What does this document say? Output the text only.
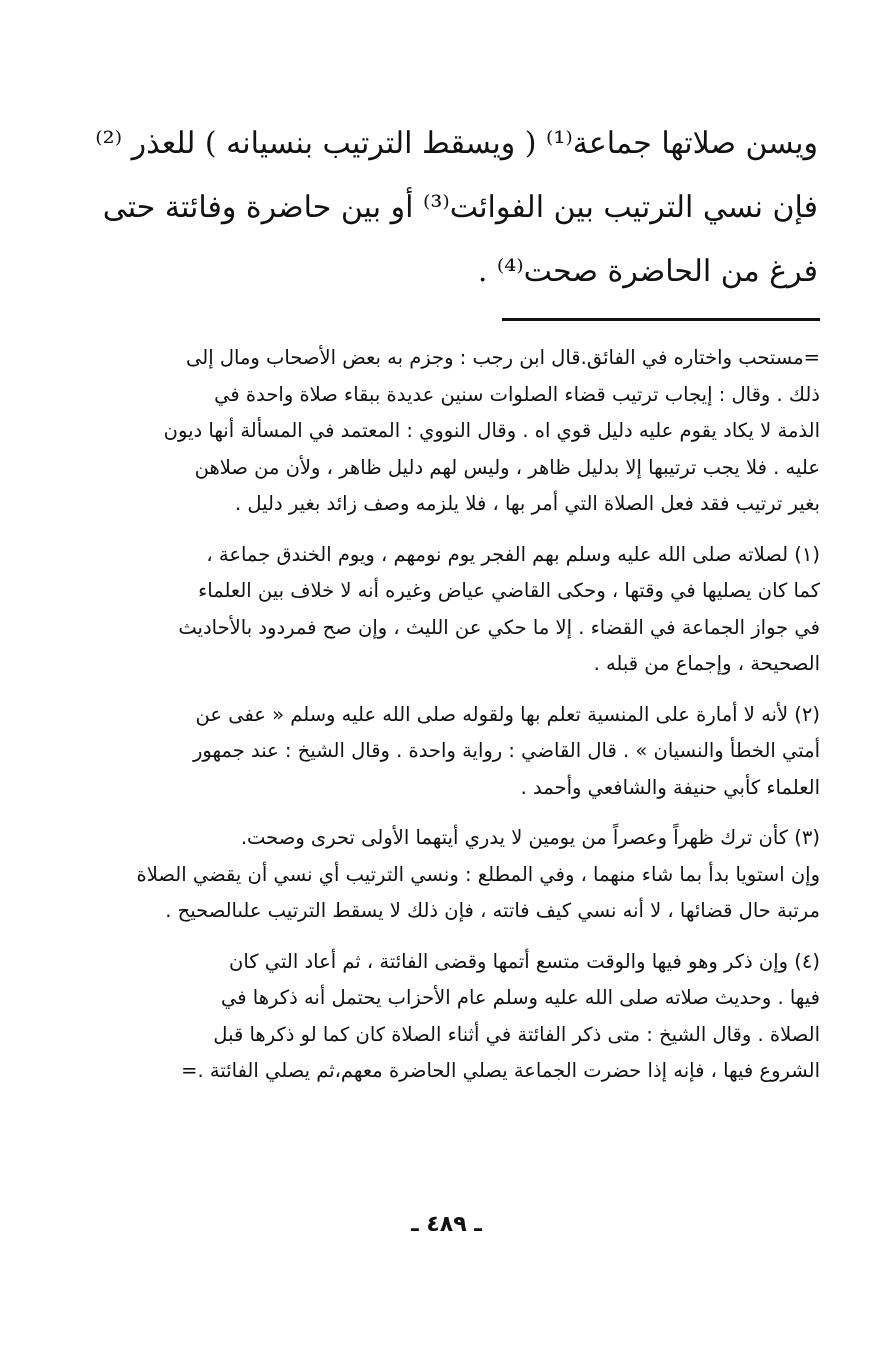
ويسن صلاتها جماعة⁽¹⁾ ( ويسقط الترتيب بنسيانه ) للعذر ⁽²⁾
فإن نسي الترتيب بين الفوائت⁽³⁾ أو بين حاضرة وفائتة حتى
فرغ من الحاضرة صحت⁽⁴⁾ .
=مستحب واختاره في الفائق.قال ابن رجب : وجزم به بعض الأصحاب ومال إلى
ذلك . وقال : إيجاب ترتيب قضاء الصلوات سنين عديدة ببقاء صلاة واحدة في
الذمة لا يكاد يقوم عليه دليل قوي اه . وقال النووي : المعتمد في المسألة أنها ديون
عليه . فلا يجب ترتيبها إلا بدليل ظاهر ، وليس لهم دليل ظاهر ، ولأن من صلاهن
بغير ترتيب فقد فعل الصلاة التي أمر بها ، فلا يلزمه وصف زائد بغير دليل .
(١) لصلاته صلى الله عليه وسلم بهم الفجر يوم نومهم ، ويوم الخندق جماعة ،
كما كان يصليها في وقتها ، وحكى القاضي عياض وغيره أنه لا خلاف بين العلماء
في جواز الجماعة في القضاء . إلا ما حكي عن الليث ، وإن صح فمردود بالأحاديث
الصحيحة ، وإجماع من قبله .
(٢) لأنه لا أمارة على المنسية تعلم بها ولقوله صلى الله عليه وسلم « عفى عن
أمتي الخطأ والنسيان » . قال القاضي : رواية واحدة . وقال الشيخ : عند جمهور
العلماء كأبي حنيفة والشافعي وأحمد .
(٣) كأن ترك ظهراً وعصراً من يومين لا يدري أيتهما الأولى تحرى وصحت.
وإن استويا بدأ بما شاء منهما ، وفي المطلع : ونسي الترتيب أي نسي أن يقضي الصلاة
مرتبة حال قضائها ، لا أنه نسي كيف فاتته ، فإن ذلك لا يسقط الترتيب علىالصحيح .
(٤) وإن ذكر وهو فيها والوقت متسع أتمها وقضى الفائتة ، ثم أعاد التي كان
فيها . وحديث صلاته صلى الله عليه وسلم عام الأحزاب يحتمل أنه ذكرها في
الصلاة . وقال الشيخ : متى ذكر الفائتة في أثناء الصلاة كان كما لو ذكرها قبل
الشروع فيها ، فإنه إذا حضرت الجماعة يصلي الحاضرة معهم،ثم يصلي الفائتة .=
ـ ٤٨٩ ـ
